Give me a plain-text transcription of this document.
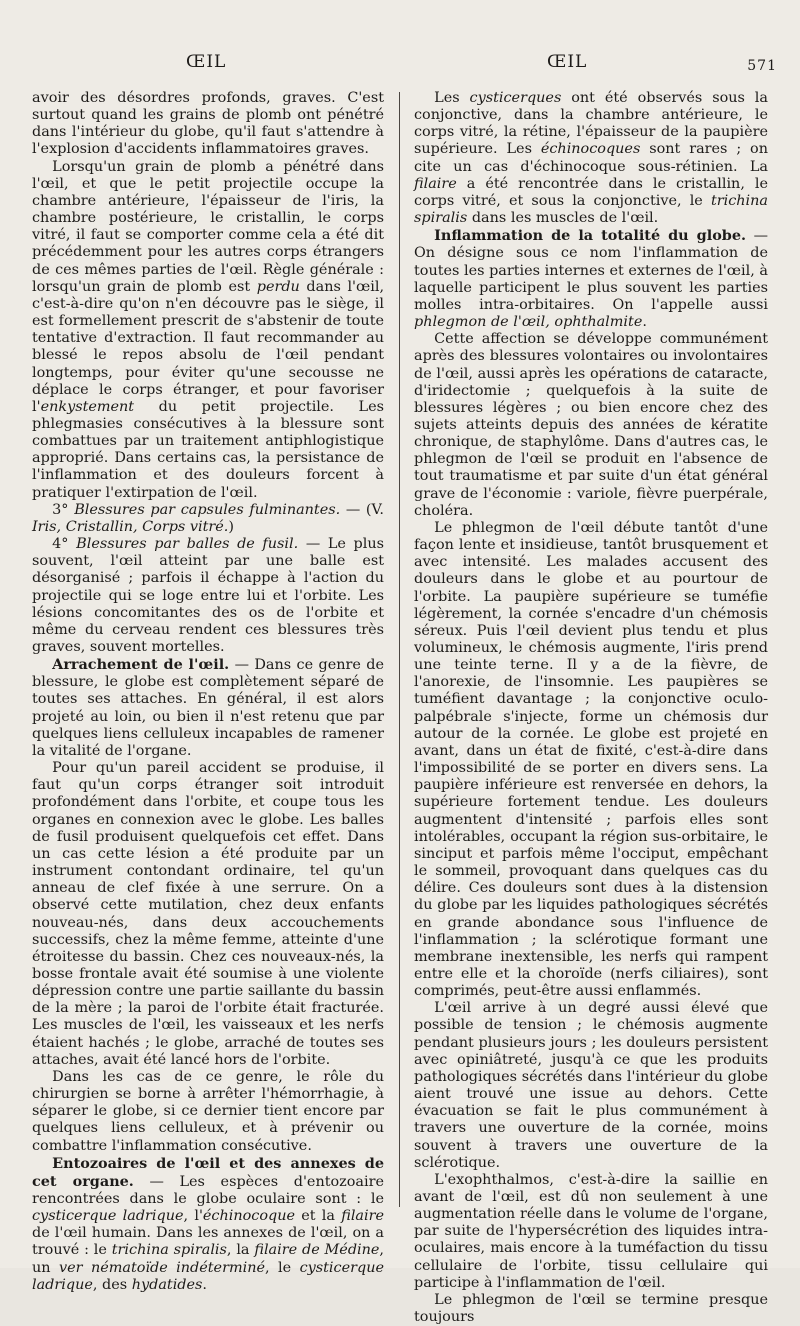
ŒIL	ŒIL	571

avoir des désordres profonds, graves. C'est surtout quand les grains de plomb ont pénétré dans l'intérieur du globe, qu'il faut s'attendre à l'explosion d'accidents inflammatoires graves.

Lorsqu'un grain de plomb a pénétré dans l'œil, et que le petit projectile occupe la chambre antérieure, l'épaisseur de l'iris, la chambre postérieure, le cristallin, le corps vitré, il faut se comporter comme cela a été dit précédemment pour les autres corps étrangers de ces mêmes parties de l'œil. Règle générale : lorsqu'un grain de plomb est perdu dans l'œil, c'est-à-dire qu'on n'en découvre pas le siège, il est formellement prescrit de s'abstenir de toute tentative d'extraction. Il faut recommander au blessé le repos absolu de l'œil pendant longtemps, pour éviter qu'une secousse ne déplace le corps étranger, et pour favoriser l'enkystement du petit projectile. Les phlegmasies consécutives à la blessure sont combattues par un traitement antiphlogistique approprié. Dans certains cas, la persistance de l'inflammation et des douleurs forcent à pratiquer l'extirpation de l'œil.

3° Blessures par capsules fulminantes. — (V. Iris, Cristallin, Corps vitré.)

4° Blessures par balles de fusil. — Le plus souvent, l'œil atteint par une balle est désorganisé ; parfois il échappe à l'action du projectile qui se loge entre lui et l'orbite. Les lésions concomitantes des os de l'orbite et même du cerveau rendent ces blessures très graves, souvent mortelles.

Arrachement de l'œil. — Dans ce genre de blessure, le globe est complètement séparé de toutes ses attaches. En général, il est alors projeté au loin, ou bien il n'est retenu que par quelques liens celluleux incapables de ramener la vitalité de l'organe.

Pour qu'un pareil accident se produise, il faut qu'un corps étranger soit introduit profondément dans l'orbite, et coupe tous les organes en connexion avec le globe. Les balles de fusil produisent quelquefois cet effet. Dans un cas cette lésion a été produite par un instrument contondant ordinaire, tel qu'un anneau de clef fixée à une serrure. On a observé cette mutilation, chez deux enfants nouveau-nés, dans deux accouchements successifs, chez la même femme, atteinte d'une étroitesse du bassin. Chez ces nouveaux-nés, la bosse frontale avait été soumise à une violente dépression contre une partie saillante du bassin de la mère ; la paroi de l'orbite était fracturée. Les muscles de l'œil, les vaisseaux et les nerfs étaient hachés ; le globe, arraché de toutes ses attaches, avait été lancé hors de l'orbite.

Dans les cas de ce genre, le rôle du chirurgien se borne à arrêter l'hémorrhagie, à séparer le globe, si ce dernier tient encore par quelques liens celluleux, et à prévenir ou combattre l'inflammation consécutive.

Entozoaires de l'œil et des annexes de cet organe. — Les espèces d'entozoaire rencontrées dans le globe oculaire sont : le cysticerque ladrique, l'échinocoque et la filaire de l'œil humain. Dans les annexes de l'œil, on a trouvé : le trichina spiralis, la filaire de Médine, un ver nématoïde indéterminé, le cysticerque ladrique, des hydatides.

Les cysticerques ont été observés sous la conjonctive, dans la chambre antérieure, le corps vitré, la rétine, l'épaisseur de la paupière supérieure. Les échinocoques sont rares ; on cite un cas d'échinocoque sous-rétinien. La filaire a été rencontrée dans le cristallin, le corps vitré, et sous la conjonctive, le trichina spiralis dans les muscles de l'œil.

Inflammation de la totalité du globe. — On désigne sous ce nom l'inflammation de toutes les parties internes et externes de l'œil, à laquelle participent le plus souvent les parties molles intra-orbitaires. On l'appelle aussi phlegmon de l'œil, ophthalmite.

Cette affection se développe communément après des blessures volontaires ou involontaires de l'œil, aussi après les opérations de cataracte, d'iridectomie ; quelquefois à la suite de blessures légères ; ou bien encore chez des sujets atteints depuis des années de kératite chronique, de staphylôme. Dans d'autres cas, le phlegmon de l'œil se produit en l'absence de tout traumatisme et par suite d'un état général grave de l'économie : variole, fièvre puerpérale, choléra.

Le phlegmon de l'œil débute tantôt d'une façon lente et insidieuse, tantôt brusquement et avec intensité. Les malades accusent des douleurs dans le globe et au pourtour de l'orbite. La paupière supérieure se tuméfie légèrement, la cornée s'encadre d'un chémosis séreux. Puis l'œil devient plus tendu et plus volumineux, le chémosis augmente, l'iris prend une teinte terne. Il y a de la fièvre, de l'anorexie, de l'insomnie. Les paupières se tuméfient davantage ; la conjonctive oculo-palpébrale s'injecte, forme un chémosis dur autour de la cornée. Le globe est projeté en avant, dans un état de fixité, c'est-à-dire dans l'impossibilité de se porter en divers sens. La paupière inférieure est renversée en dehors, la supérieure fortement tendue. Les douleurs augmentent d'intensité ; parfois elles sont intolérables, occupant la région sus-orbitaire, le sinciput et parfois même l'occiput, empêchant le sommeil, provoquant dans quelques cas du délire. Ces douleurs sont dues à la distension du globe par les liquides pathologiques sécrétés en grande abondance sous l'influence de l'inflammation ; la sclérotique formant une membrane inextensible, les nerfs qui rampent entre elle et la choroïde (nerfs ciliaires), sont comprimés, peut-être aussi enflammés.

L'œil arrive à un degré aussi élevé que possible de tension ; le chémosis augmente pendant plusieurs jours ; les douleurs persistent avec opiniâtreté, jusqu'à ce que les produits pathologiques sécrétés dans l'intérieur du globe aient trouvé une issue au dehors. Cette évacuation se fait le plus communément à travers une ouverture de la cornée, moins souvent à travers une ouverture de la sclérotique.

L'exophthalmos, c'est-à-dire la saillie en avant de l'œil, est dû non seulement à une augmentation réelle dans le volume de l'organe, par suite de l'hypersécrétion des liquides intra-oculaires, mais encore à la tuméfaction du tissu cellulaire de l'orbite, tissu cellulaire qui participe à l'inflammation de l'œil.

Le phlegmon de l'œil se termine presque toujours
